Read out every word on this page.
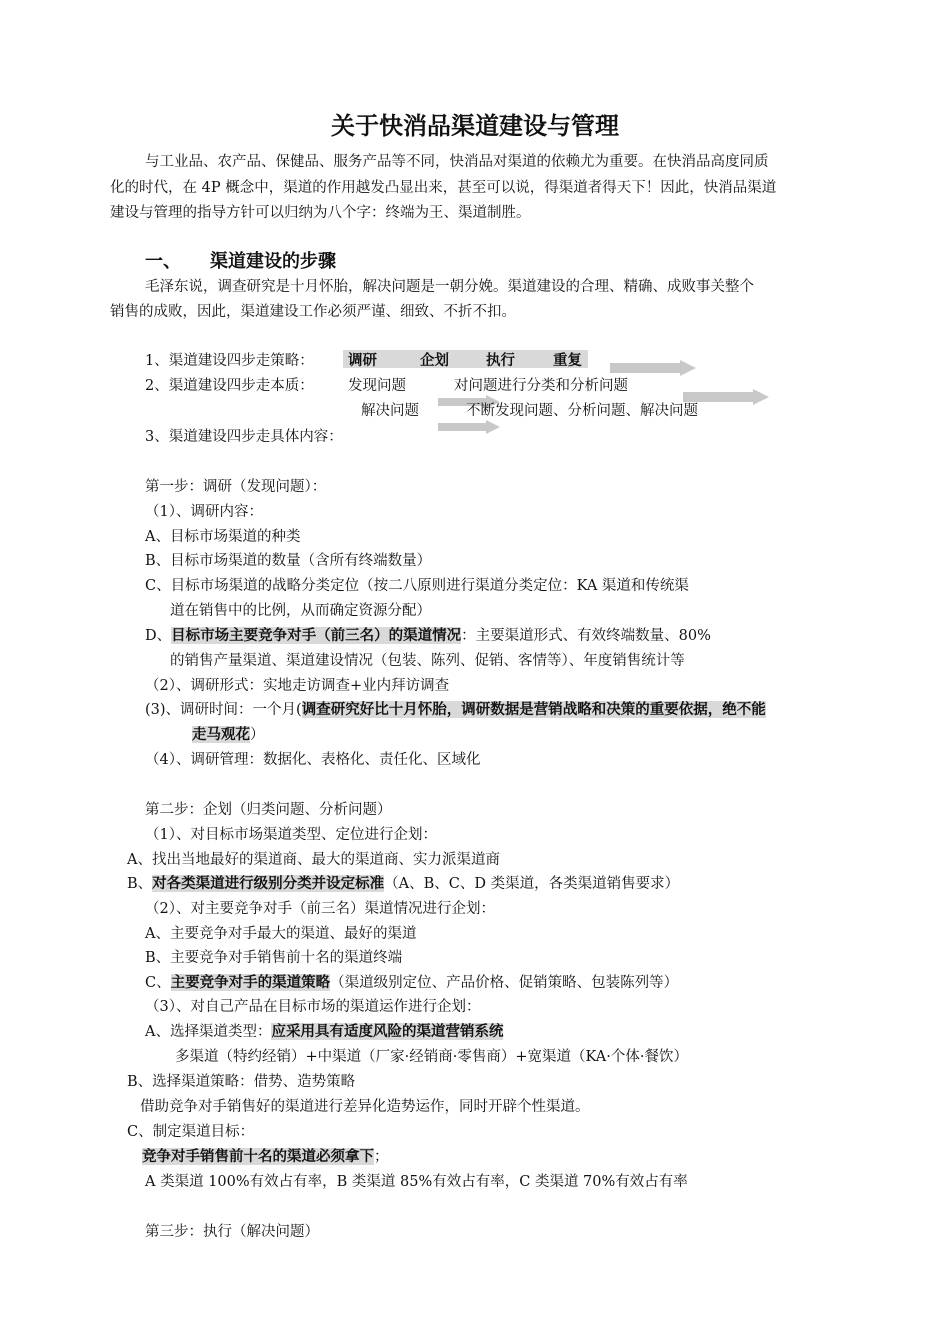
关于快消品渠道建设与管理
与工业品、农产品、保健品、服务产品等不同，快消品对渠道的依赖尤为重要。在快消品高度同质
化的时代，在 4P 概念中，渠道的作用越发凸显出来，甚至可以说，得渠道者得天下！因此，快消品渠道
建设与管理的指导方针可以归纳为八个字：终端为王、渠道制胜。
一、 渠道建设的步骤
毛泽东说，调查研究是十月怀胎，解决问题是一朝分娩。渠道建设的合理、精确、成败事关整个
销售的成败，因此，渠道建设工作必须严谨、细致、不折不扣。
1、渠道建设四步走策略： 调研	企划	执行	重复
2、渠道建设四步走本质： 发现问题	对问题进行分类和分析问题
解决问题	不断发现问题、分析问题、解决问题
3、渠道建设四步走具体内容：
第一步：调研（发现问题）：
（1）、调研内容：
A、目标市场渠道的种类
B、目标市场渠道的数量（含所有终端数量）
C、目标市场渠道的战略分类定位（按二八原则进行渠道分类定位：KA 渠道和传统渠
道在销售中的比例，从而确定资源分配）
D、目标市场主要竞争对手（前三名）的渠道情况：主要渠道形式、有效终端数量、80%
的销售产量渠道、渠道建设情况（包装、陈列、促销、客情等）、年度销售统计等
（2）、调研形式：实地走访调查+业内拜访调查
(3)、调研时间：一个月(调查研究好比十月怀胎，调研数据是营销战略和决策的重要依据，绝不能
走马观花）
（4）、调研管理：数据化、表格化、责任化、区域化
第二步：企划（归类问题、分析问题）
（1）、对目标市场渠道类型、定位进行企划：
A、找出当地最好的渠道商、最大的渠道商、实力派渠道商
B、对各类渠道进行级别分类并设定标准（A、B、C、D 类渠道，各类渠道销售要求）
（2）、对主要竞争对手（前三名）渠道情况进行企划：
A、主要竞争对手最大的渠道、最好的渠道
B、主要竞争对手销售前十名的渠道终端
C、主要竞争对手的渠道策略（渠道级别定位、产品价格、促销策略、包装陈列等）
（3）、对自己产品在目标市场的渠道运作进行企划：
A、选择渠道类型：应采用具有适度风险的渠道营销系统
多渠道（特约经销）+中渠道（厂家·经销商·零售商）+宽渠道（KA·个体·餐饮）
B、选择渠道策略：借势、造势策略
借助竞争对手销售好的渠道进行差异化造势运作，同时开辟个性渠道。
C、制定渠道目标：
竞争对手销售前十名的渠道必须拿下；
A 类渠道 100%有效占有率，B 类渠道 85%有效占有率，C 类渠道 70%有效占有率
第三步：执行（解决问题）
